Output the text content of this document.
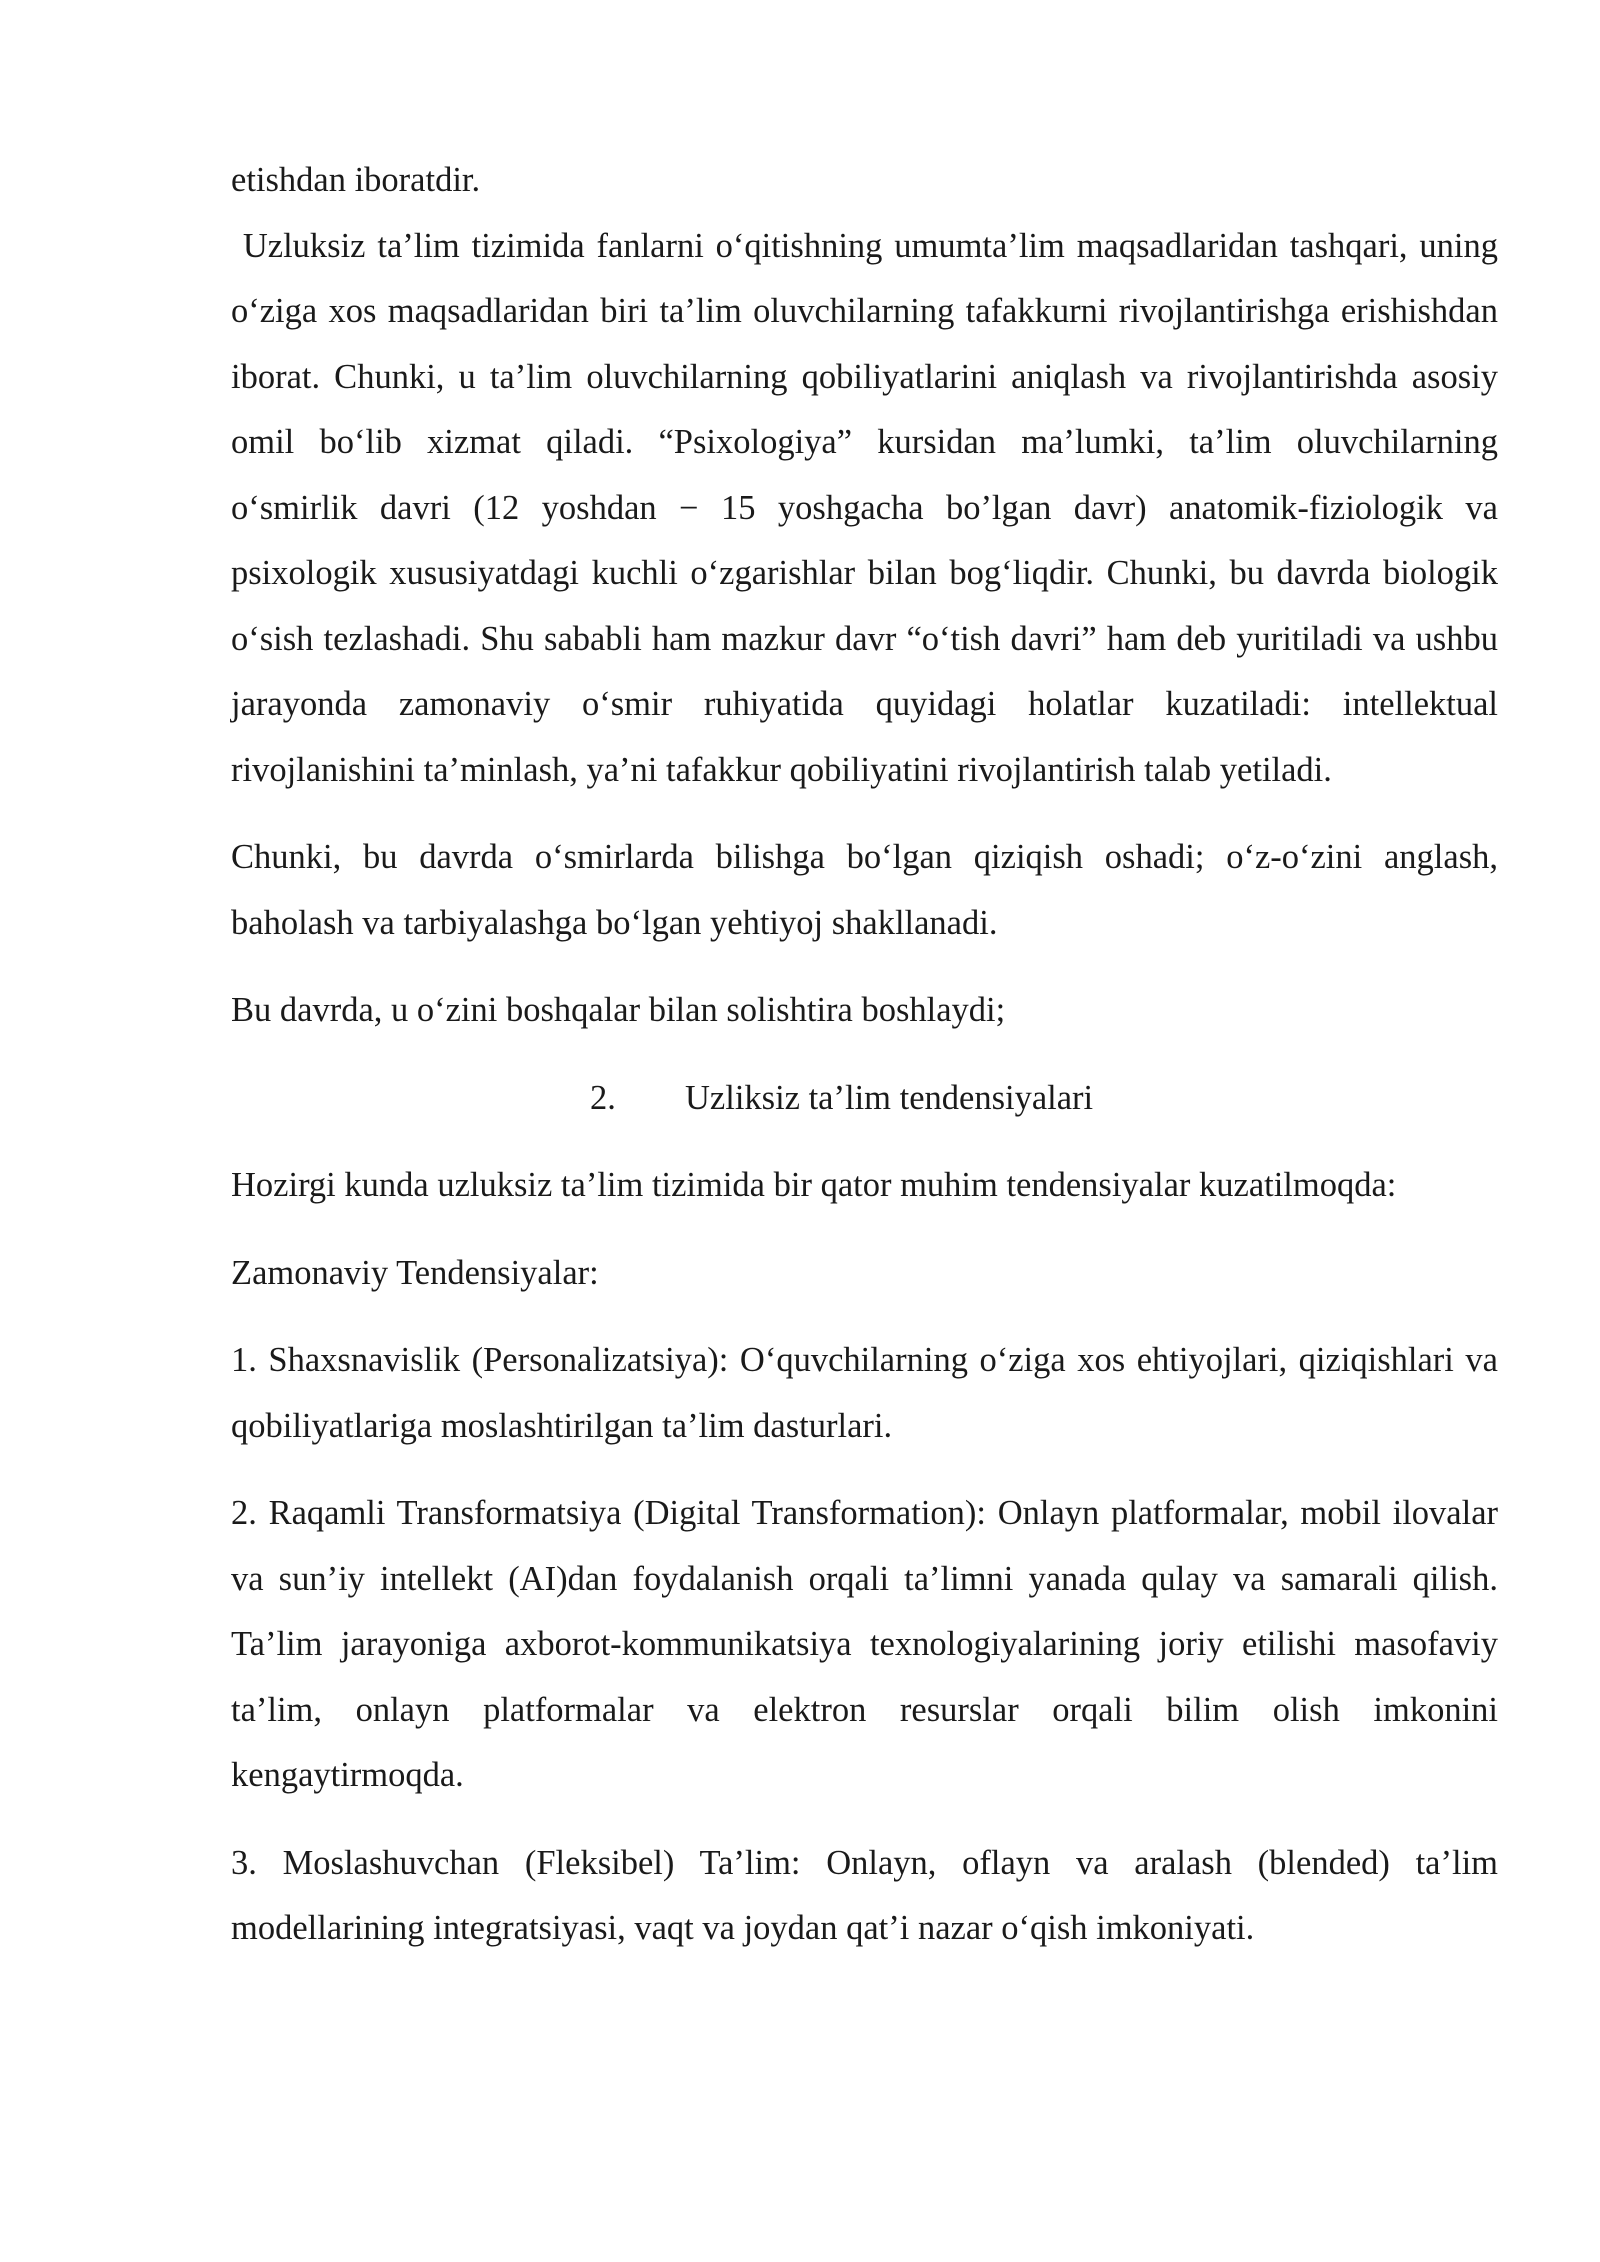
etishdan iboratdir.

Uzluksiz ta’lim tizimida fanlarni o‘qitishning umumta’lim maqsadlaridan tashqari, uning o‘ziga xos maqsadlaridan biri ta’lim oluvchilarning tafakkurni rivojlantirishga erishishdan iborat. Chunki, u ta’lim oluvchilarning qobiliyatlarini aniqlash va rivojlantirishda asosiy omil bo‘lib xizmat qiladi. “Psixologiya” kursidan ma’lumki, ta’lim oluvchilarning o‘smirlik davri (12 yoshdan − 15 yoshgacha bo’lgan davr) anatomik-fiziologik va psixologik xususiyatdagi kuchli o‘zgarishlar bilan bog‘liqdir. Chunki, bu davrda biologik o‘sish tezlashadi. Shu sababli ham mazkur davr “o‘tish davri” ham deb yuritiladi va ushbu jarayonda zamonaviy o‘smir ruhiyatida quyidagi holatlar kuzatiladi: intellektual rivojlanishini ta’minlash, ya’ni tafakkur qobiliyatini rivojlantirish talab yetiladi.

Chunki, bu davrda o‘smirlarda bilishga bo‘lgan qiziqish oshadi; o‘z-o‘zini anglash, baholash va tarbiyalashga bo‘lgan yehtiyoj shakllanadi.

Bu davrda, u o‘zini boshqalar bilan solishtira boshlaydi;

2. Uzliksiz ta’lim tendensiyalari

Hozirgi kunda uzluksiz ta’lim tizimida bir qator muhim tendensiyalar kuzatilmoqda:

Zamonaviy Tendensiyalar:

1. Shaxsnavislik (Personalizatsiya): O‘quvchilarning o‘ziga xos ehtiyojlari, qiziqishlari va qobiliyatlariga moslashtirilgan ta’lim dasturlari.

2. Raqamli Transformatsiya (Digital Transformation): Onlayn platformalar, mobil ilovalar va sun’iy intellekt (AI)dan foydalanish orqali ta’limni yanada qulay va samarali qilish. Ta’lim jarayoniga axborot-kommunikatsiya texnologiyalarining joriy etilishi masofaviy ta’lim, onlayn platformalar va elektron resurslar orqali bilim olish imkonini kengaytirmoqda.

3. Moslashuvchan (Fleksibel) Ta’lim: Onlayn, oflayn va aralash (blended) ta’lim modellarining integratsiyasi, vaqt va joydan qat’i nazar o‘qish imkoniyati.
